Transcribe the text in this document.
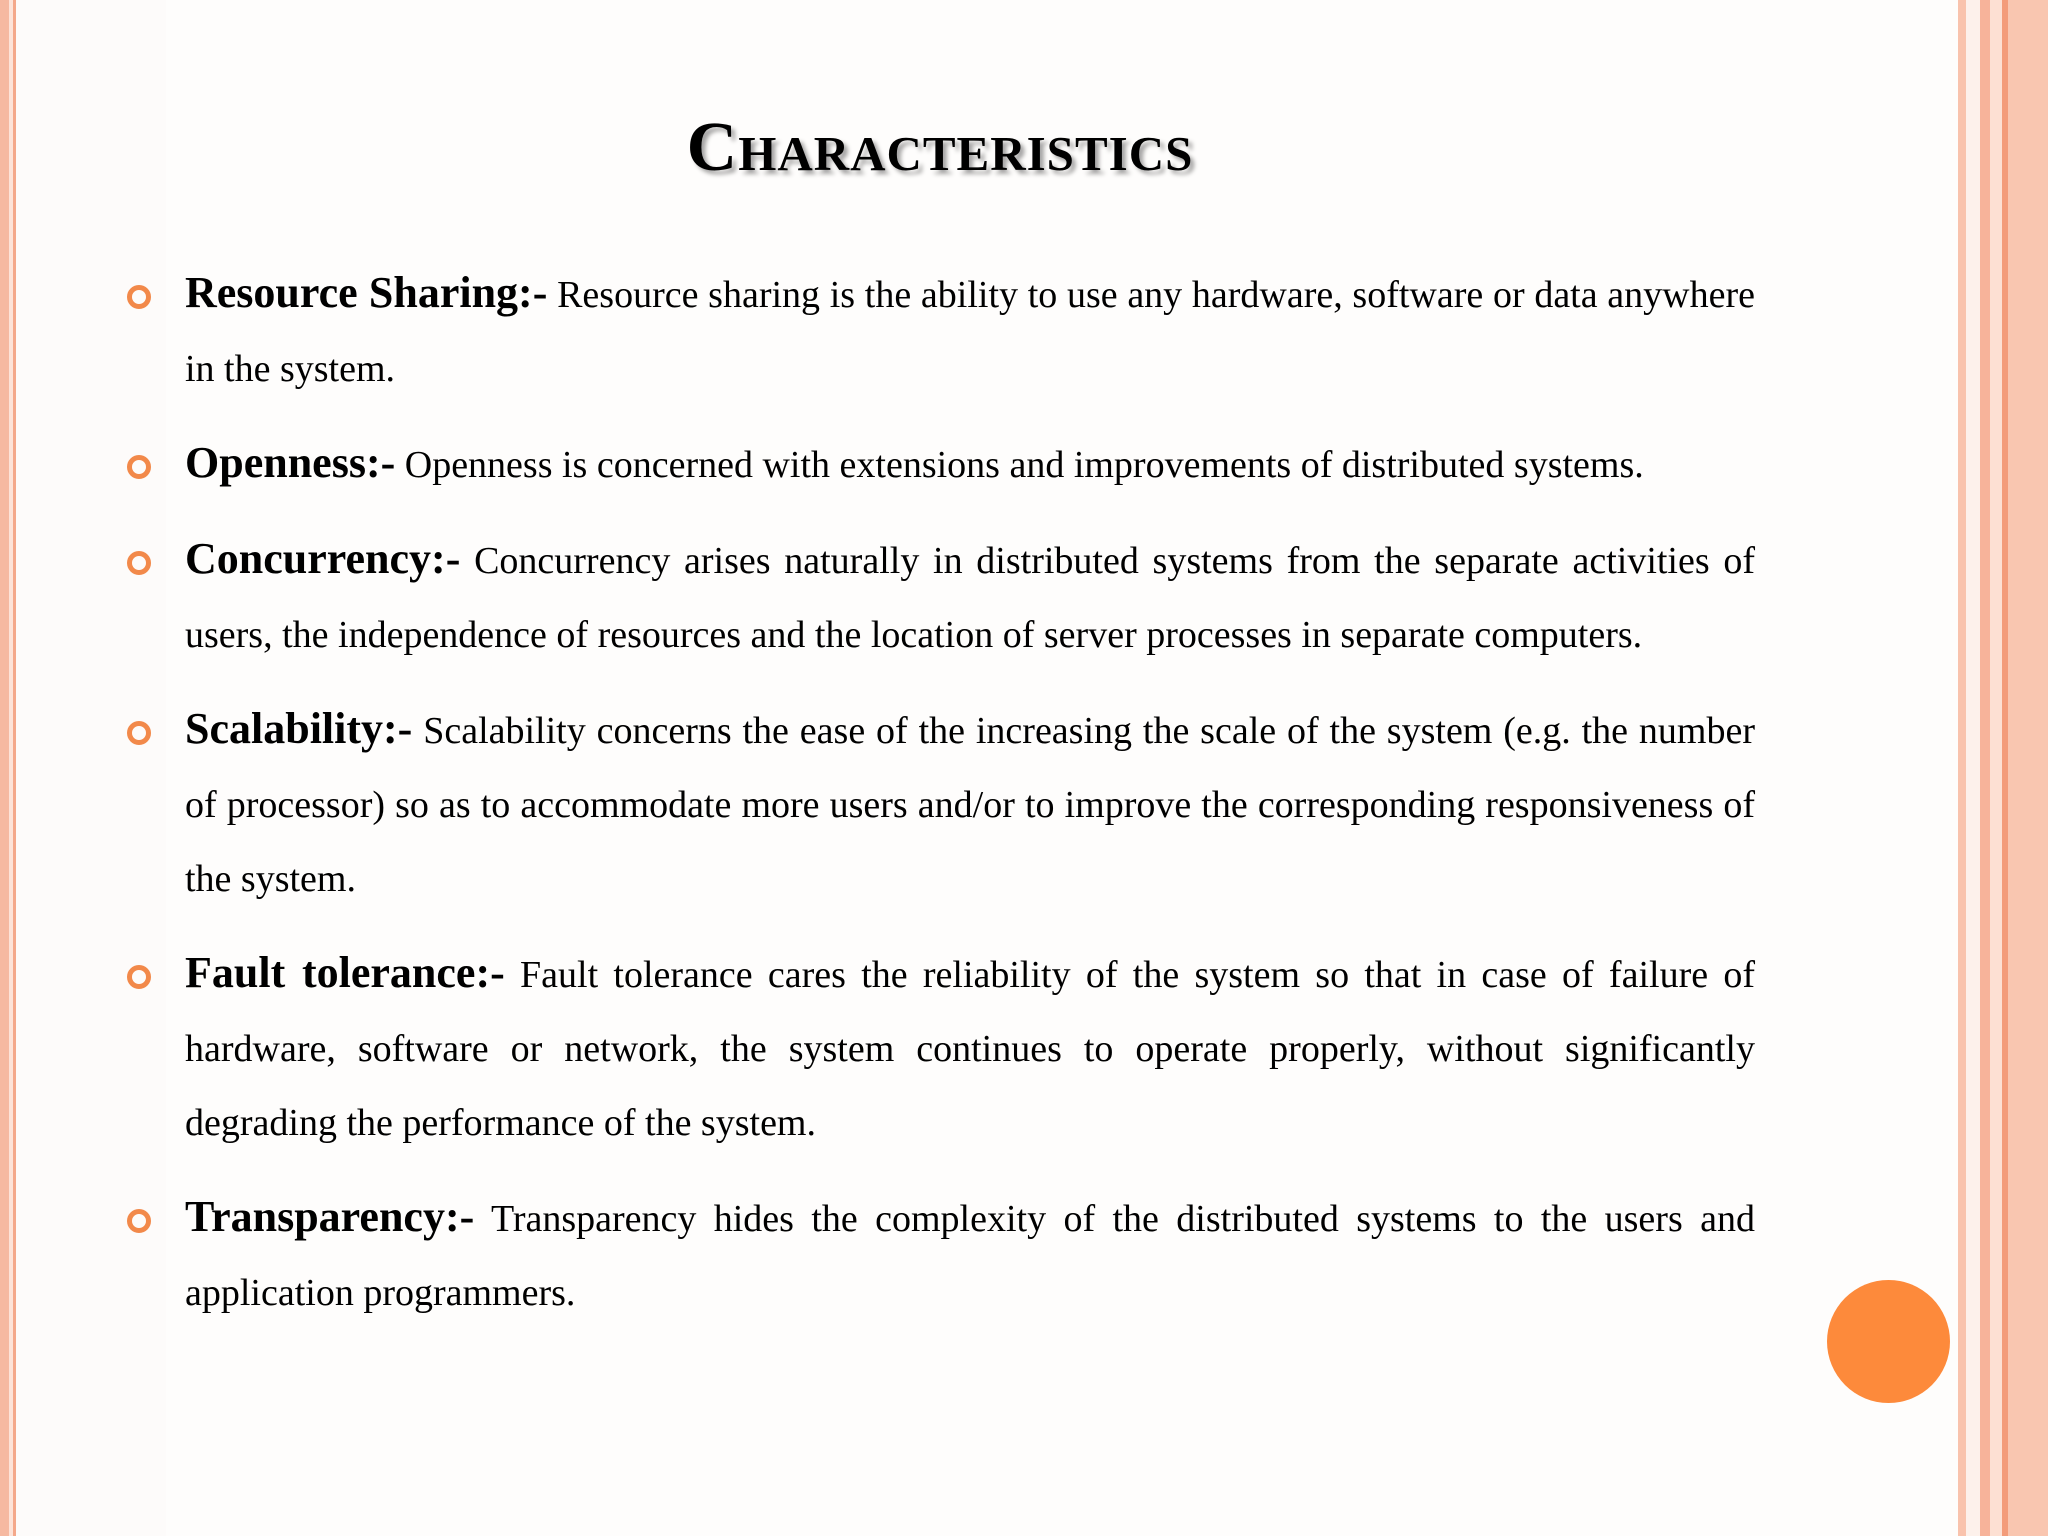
Characteristics
Resource Sharing:- Resource sharing is the ability to use any hardware, software or data anywhere in the system.
Openness:- Openness is concerned with extensions and improvements of distributed systems.
Concurrency:- Concurrency arises naturally in distributed systems from the separate activities of users, the independence of resources and the location of server processes in separate computers.
Scalability:- Scalability concerns the ease of the increasing the scale of the system (e.g. the number of processor) so as to accommodate more users and/or to improve the corresponding responsiveness of the system.
Fault tolerance:- Fault tolerance cares the reliability of the system so that in case of failure of hardware, software or network, the system continues to operate properly, without significantly degrading the performance of the system.
Transparency:- Transparency hides the complexity of the distributed systems to the users and application programmers.
